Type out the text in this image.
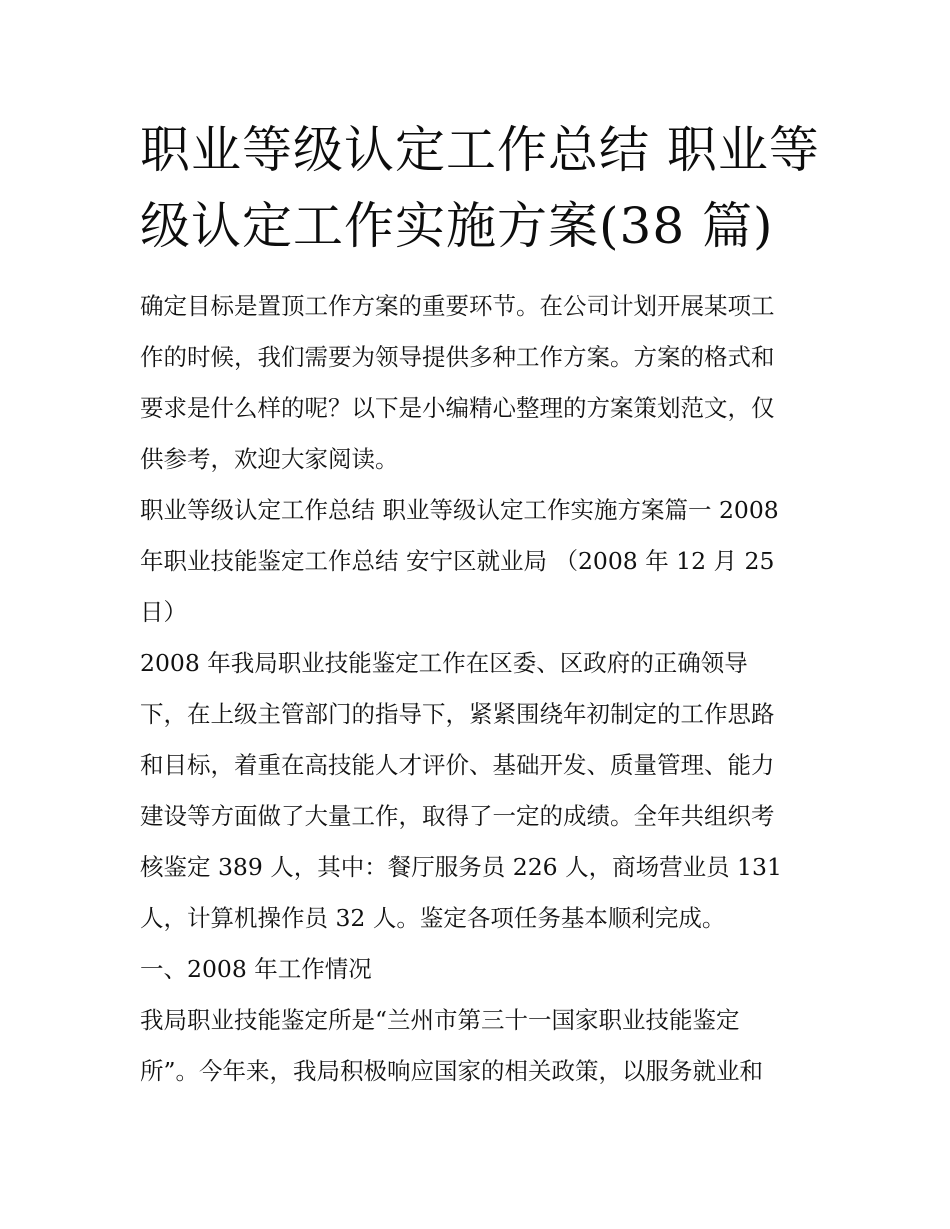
职业等级认定工作总结 职业等
级认定工作实施方案(38 篇)

确定目标是置顶工作方案的重要环节。在公司计划开展某项工
作的时候，我们需要为领导提供多种工作方案。方案的格式和
要求是什么样的呢？以下是小编精心整理的方案策划范文，仅
供参考，欢迎大家阅读。

职业等级认定工作总结 职业等级认定工作实施方案篇一 2008
年职业技能鉴定工作总结 安宁区就业局 （2008 年 12 月 25
日）

2008 年我局职业技能鉴定工作在区委、区政府的正确领导
下，在上级主管部门的指导下，紧紧围绕年初制定的工作思路
和目标，着重在高技能人才评价、基础开发、质量管理、能力
建设等方面做了大量工作，取得了一定的成绩。全年共组织考
核鉴定 389 人，其中：餐厅服务员 226 人，商场营业员 131
人，计算机操作员 32 人。鉴定各项任务基本顺利完成。

一、2008 年工作情况

我局职业技能鉴定所是“兰州市第三十一国家职业技能鉴定
所”。今年来，我局积极响应国家的相关政策，以服务就业和
